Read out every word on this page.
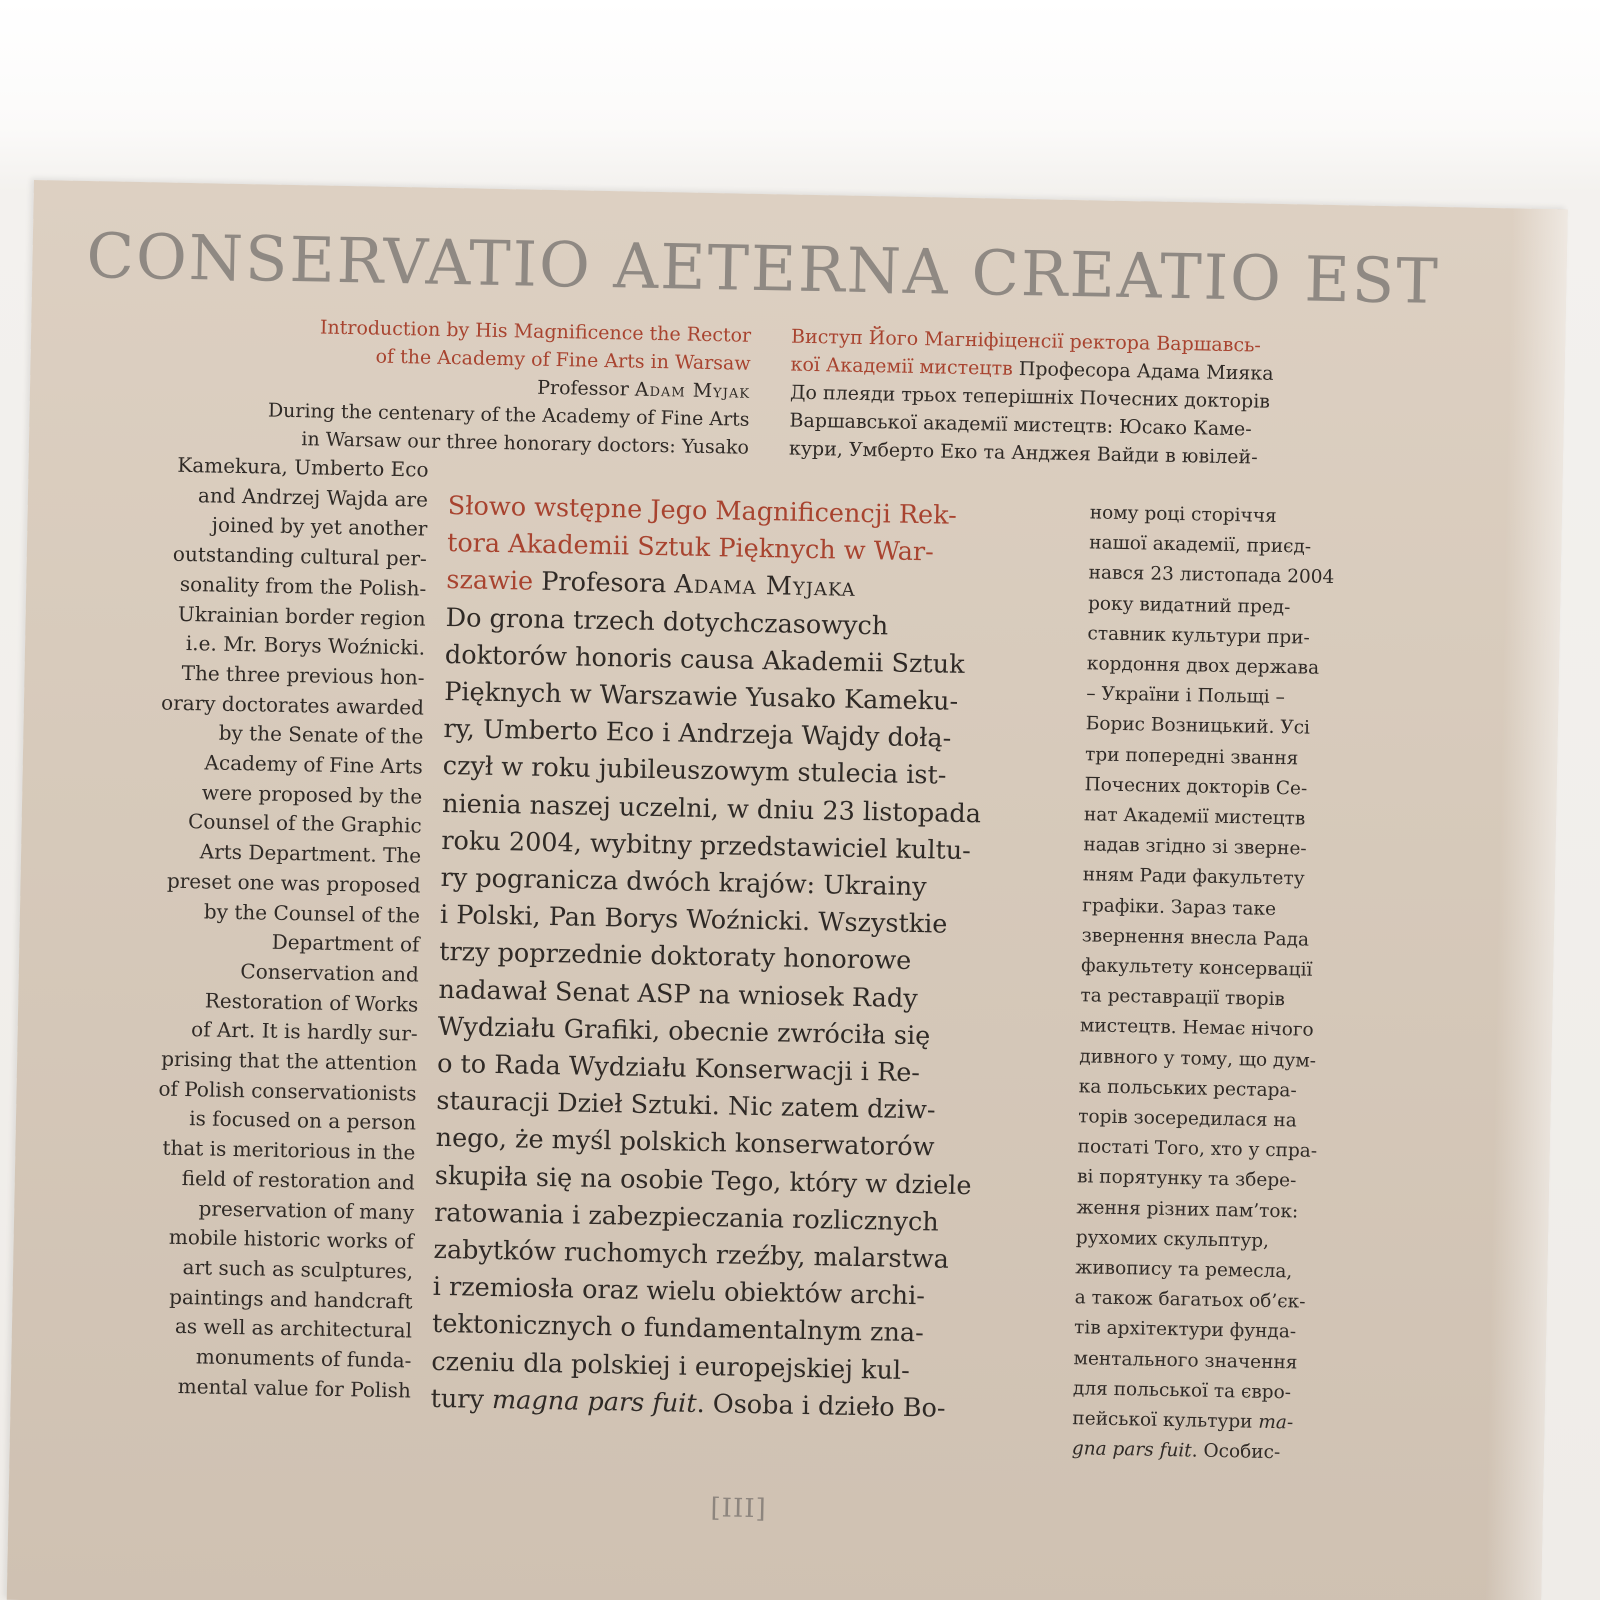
CONSERVATIO AETERNA CREATIO EST
Introduction by His Magnificence the Rector
of the Academy of Fine Arts in Warsaw
Professor Adam Myjak
During the centenary of the Academy of Fine Arts
in Warsaw our three honorary doctors: Yusako
Виступ Його Магніфіценсії ректора Варшавсь-
кої Академії мистецтв Професора Адама Мияка
До плеяди трьох теперішніх Почесних докторів
Варшавської академії мистецтв: Юсако Каме-
кури, Умберто Еко та Анджея Вайди в ювілей-
Kamekura, Umberto Eco
and Andrzej Wajda are
joined by yet another
outstanding cultural per-
sonality from the Polish-
Ukrainian border region
i.e. Mr. Borys Woźnicki.
The three previous hon-
orary doctorates awarded
by the Senate of the
Academy of Fine Arts
were proposed by the
Counsel of the Graphic
Arts Department. The
preset one was proposed
by the Counsel of the
Department of
Conservation and
Restoration of Works
of Art. It is hardly sur-
prising that the attention
of Polish conservationists
is focused on a person
that is meritorious in the
field of restoration and
preservation of many
mobile historic works of
art such as sculptures,
paintings and handcraft
as well as architectural
monuments of funda-
mental value for Polish
Słowo wstępne Jego Magnificencji Rek-
tora Akademii Sztuk Pięknych w War-
szawie Profesora Adama Myjaka
Do grona trzech dotychczasowych
doktorów honoris causa Akademii Sztuk
Pięknych w Warszawie Yusako Kameku-
ry, Umberto Eco i Andrzeja Wajdy dołą-
czył w roku jubileuszowym stulecia ist-
nienia naszej uczelni, w dniu 23 listopada
roku 2004, wybitny przedstawiciel kultu-
ry pogranicza dwóch krajów: Ukrainy
i Polski, Pan Borys Woźnicki. Wszystkie
trzy poprzednie doktoraty honorowe
nadawał Senat ASP na wniosek Rady
Wydziału Grafiki, obecnie zwróciła się
o to Rada Wydziału Konserwacji i Re-
stauracji Dzieł Sztuki. Nic zatem dziw-
nego, że myśl polskich konserwatorów
skupiła się na osobie Tego, który w dziele
ratowania i zabezpieczania rozlicznych
zabytków ruchomych rzeźby, malarstwa
i rzemiosła oraz wielu obiektów archi-
tektonicznych o fundamentalnym zna-
czeniu dla polskiej i europejskiej kul-
tury magna pars fuit. Osoba i dzieło Bo-
ному році сторіччя
нашої академії, приєд-
нався 23 листопада 2004
року видатний пред-
ставник культури при-
кордоння двох держава
– України і Польщі –
Борис Возницький. Усі
три попередні звання
Почесних докторів Се-
нат Академії мистецтв
надав згідно зі зверне-
нням Ради факультету
графіки. Зараз таке
звернення внесла Рада
факультету консервації
та реставрації творів
мистецтв. Немає нічого
дивного у тому, що дум-
ка польських рестара-
торів зосередилася на
постаті Того, хто у спра-
ві порятунку та збере-
ження різних пам’ток:
рухомих скульптур,
живопису та ремесла,
а також багатьох об’єк-
тів архітектури фунда-
ментального значення
для польської та євро-
пейської культури ma-
gna pars fuit. Особис-
[III]
